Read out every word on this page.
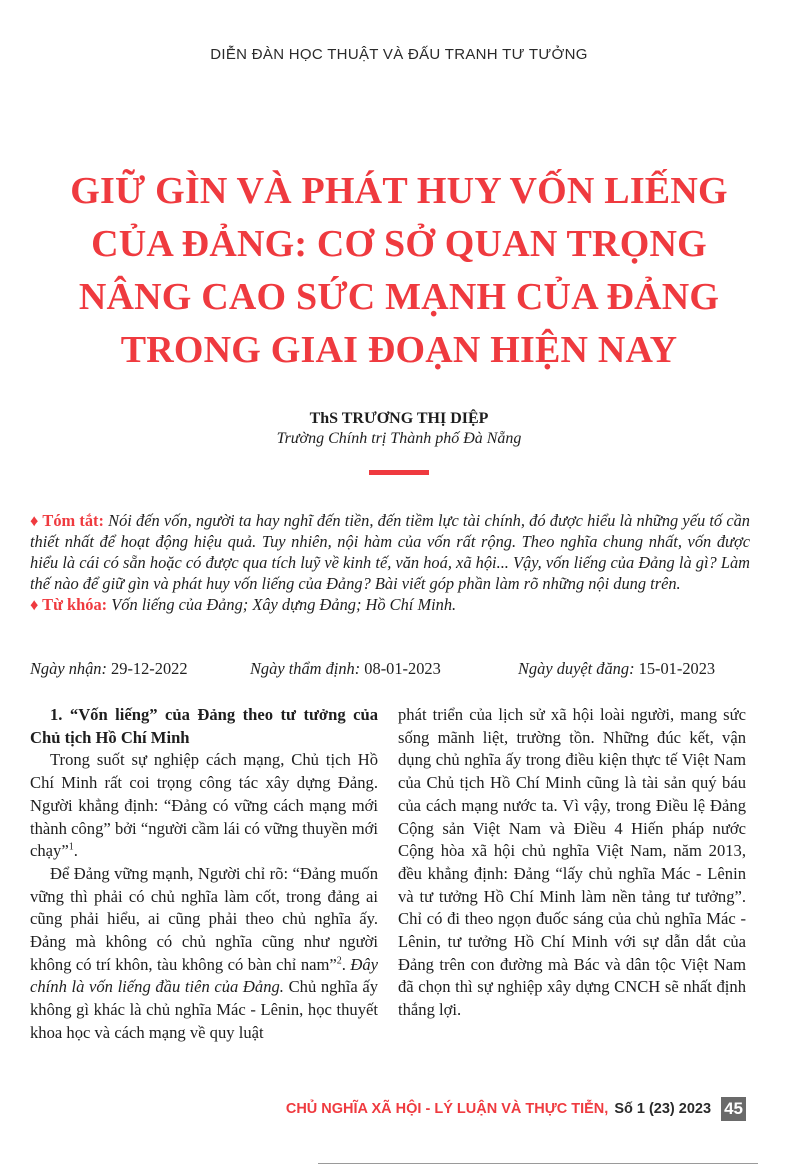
DIỄN ĐÀN HỌC THUẬT VÀ ĐẤU TRANH TƯ TƯỞNG
GIỮ GÌN VÀ PHÁT HUY VỐN LIẾNG
CỦA ĐẢNG: CƠ SỞ QUAN TRỌNG
NÂNG CAO SỨC MẠNH CỦA ĐẢNG
TRONG GIAI ĐOẠN HIỆN NAY
ThS TRƯƠNG THỊ DIỆP
Trường Chính trị Thành phố Đà Nẵng

♦ Tóm tắt: Nói đến vốn, người ta hay nghĩ đến tiền, đến tiềm lực tài chính, đó được hiểu là những yếu tố cần thiết nhất để hoạt động hiệu quả. Tuy nhiên, nội hàm của vốn rất rộng. Theo nghĩa chung nhất, vốn được hiểu là cái có sẵn hoặc có được qua tích luỹ về kinh tế, văn hoá, xã hội... Vậy, vốn liếng của Đảng là gì? Làm thế nào để giữ gìn và phát huy vốn liếng của Đảng? Bài viết góp phần làm rõ những nội dung trên.

♦ Từ khóa: Vốn liếng của Đảng; Xây dựng Đảng; Hồ Chí Minh.

Ngày nhận: 29-12-2022	Ngày thẩm định: 08-01-2023	Ngày duyệt đăng: 15-01-2023
1. “Vốn liếng” của Đảng theo tư tưởng của Chủ tịch Hồ Chí Minh

Trong suốt sự nghiệp cách mạng, Chủ tịch Hồ Chí Minh rất coi trọng công tác xây dựng Đảng. Người khẳng định: “Đảng có vững cách mạng mới thành công” bởi “người cầm lái có vững thuyền mới chạy”$^1$.

Để Đảng vững mạnh, Người chỉ rõ: “Đảng muốn vững thì phải có chủ nghĩa làm cốt, trong đảng ai cũng phải hiểu, ai cũng phải theo chủ nghĩa ấy. Đảng mà không có chủ nghĩa cũng như người không có trí khôn, tàu không có bàn chỉ nam”$^2$. Đây chính là vốn liếng đầu tiên của Đảng. Chủ nghĩa ấy không gì khác là chủ nghĩa Mác - Lênin, học thuyết khoa học và cách mạng về quy luật

phát triển của lịch sử xã hội loài người, mang sức sống mãnh liệt, trường tồn. Những đúc kết, vận dụng chủ nghĩa ấy trong điều kiện thực tế Việt Nam của Chủ tịch Hồ Chí Minh cũng là tài sản quý báu của cách mạng nước ta. Vì vậy, trong Điều lệ Đảng Cộng sản Việt Nam và Điều 4 Hiến pháp nước Cộng hòa xã hội chủ nghĩa Việt Nam, năm 2013, đều khẳng định: Đảng “lấy chủ nghĩa Mác - Lênin và tư tưởng Hồ Chí Minh làm nền tảng tư tưởng”. Chỉ có đi theo ngọn đuốc sáng của chủ nghĩa Mác - Lênin, tư tưởng Hồ Chí Minh với sự dẫn dắt của Đảng trên con đường mà Bác và dân tộc Việt Nam đã chọn thì sự nghiệp xây dựng CNCH sẽ nhất định thắng lợi.

CHỦ NGHĨA XÃ HỘI - LÝ LUẬN VÀ THỰC TIỄN, Số 1 (23) 2023 45
